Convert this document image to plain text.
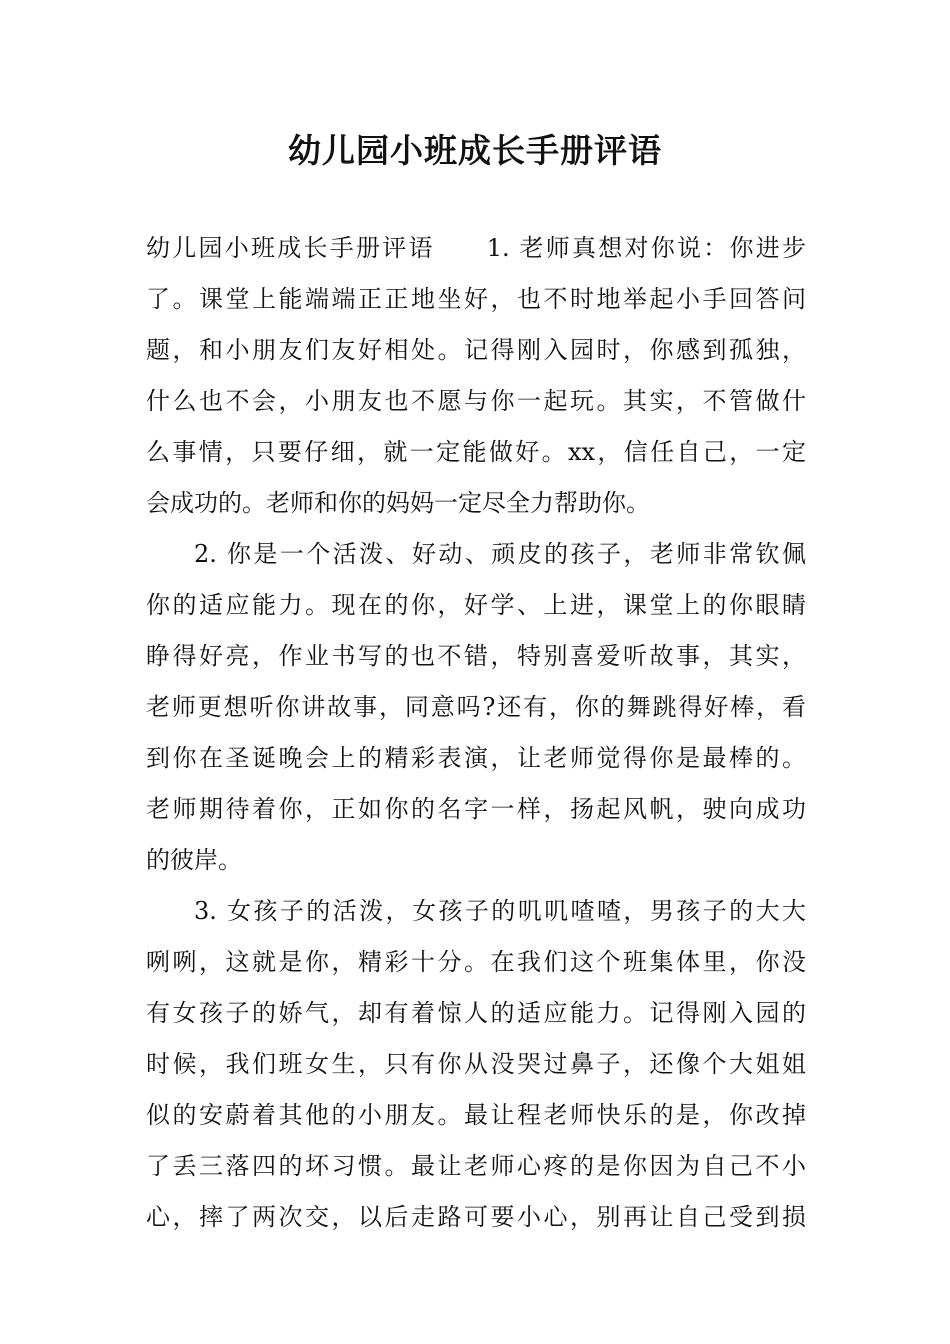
幼儿园小班成长手册评语
幼儿园小班成长手册评语 1. 老师真想对你说：你进步
了。课堂上能端端正正地坐好，也不时地举起小手回答问
题，和小朋友们友好相处。记得刚入园时，你感到孤独，
什么也不会，小朋友也不愿与你一起玩。其实，不管做什
么事情，只要仔细，就一定能做好。xx，信任自己，一定
会成功的。老师和你的妈妈一定尽全力帮助你。
2. 你是一个活泼、好动、顽皮的孩子，老师非常钦佩
你的适应能力。现在的你，好学、上进，课堂上的你眼睛
睁得好亮，作业书写的也不错，特别喜爱听故事，其实，
老师更想听你讲故事，同意吗?还有，你的舞跳得好棒，看
到你在圣诞晚会上的精彩表演，让老师觉得你是最棒的。
老师期待着你，正如你的名字一样，扬起风帆，驶向成功
的彼岸。
3. 女孩子的活泼，女孩子的叽叽喳喳，男孩子的大大
咧咧，这就是你，精彩十分。在我们这个班集体里，你没
有女孩子的娇气，却有着惊人的适应能力。记得刚入园的
时候，我们班女生，只有你从没哭过鼻子，还像个大姐姐
似的安蔚着其他的小朋友。最让程老师快乐的是，你改掉
了丢三落四的坏习惯。最让老师心疼的是你因为自己不小
心，摔了两次交，以后走路可要小心，别再让自己受到损
